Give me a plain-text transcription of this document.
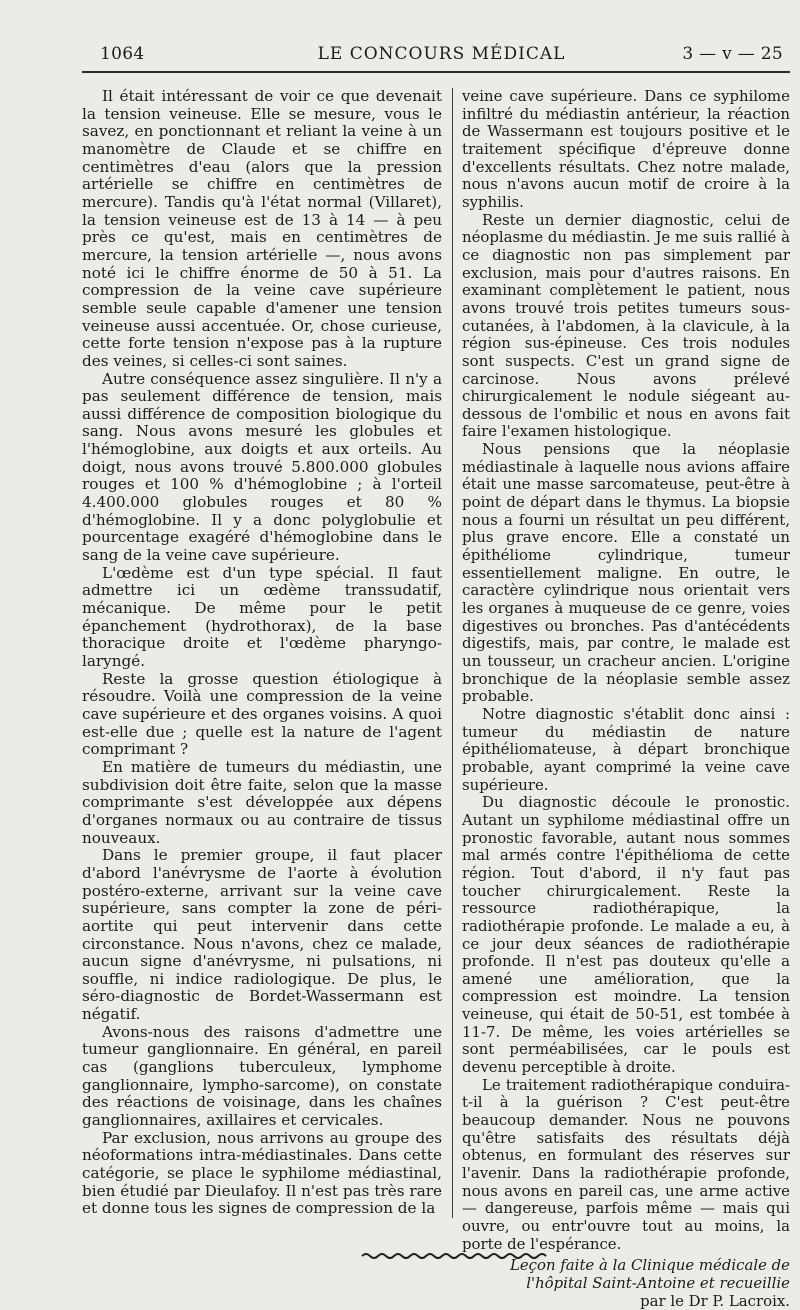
1064	LE CONCOURS MÉDICAL	3 — v — 25

Il était intéressant de voir ce que devenait la tension veineuse. Elle se mesure, vous le savez, en ponctionnant et reliant la veine à un manomètre de Claude et se chiffre en centimètres d'eau (alors que la pression artérielle se chiffre en centimètres de mercure). Tandis qu'à l'état normal (Villaret), la tension veineuse est de 13 à 14 — à peu près ce qu'est, mais en centimètres de mercure, la tension artérielle —, nous avons noté ici le chiffre énorme de 50 à 51. La compression de la veine cave supérieure semble seule capable d'amener une tension veineuse aussi accentuée. Or, chose curieuse, cette forte tension n'expose pas à la rupture des veines, si celles-ci sont saines.

Autre conséquence assez singulière. Il n'y a pas seulement différence de tension, mais aussi différence de composition biologique du sang. Nous avons mesuré les globules et l'hémoglobine, aux doigts et aux orteils. Au doigt, nous avons trouvé 5.800.000 globules rouges et 100 % d'hémoglobine ; à l'orteil 4.400.000 globules rouges et 80 % d'hémoglobine. Il y a donc polyglobulie et pourcentage exagéré d'hémoglobine dans le sang de la veine cave supérieure.

L'œdème est d'un type spécial. Il faut admettre ici un œdème transsudatif, mécanique. De même pour le petit épanchement (hydrothorax), de la base thoracique droite et l'œdème pharyngo-laryngé.

Reste la grosse question étiologique à résoudre. Voilà une compression de la veine cave supérieure et des organes voisins. A quoi est-elle due ; quelle est la nature de l'agent comprimant ?

En matière de tumeurs du médiastin, une subdivision doit être faite, selon que la masse comprimante s'est développée aux dépens d'organes normaux ou au contraire de tissus nouveaux.

Dans le premier groupe, il faut placer d'abord l'anévrysme de l'aorte à évolution postéro-externe, arrivant sur la veine cave supérieure, sans compter la zone de péri-aortite qui peut intervenir dans cette circonstance. Nous n'avons, chez ce malade, aucun signe d'anévrysme, ni pulsations, ni souffle, ni indice radiologique. De plus, le séro-diagnostic de Bordet-Wassermann est négatif.

Avons-nous des raisons d'admettre une tumeur ganglionnaire. En général, en pareil cas (ganglions tuberculeux, lymphome ganglionnaire, lympho-sarcome), on constate des réactions de voisinage, dans les chaînes ganglionnaires, axillaires et cervicales.

Par exclusion, nous arrivons au groupe des néoformations intra-médiastinales. Dans cette catégorie, se place le syphilome médiastinal, bien étudié par Dieulafoy. Il n'est pas très rare et donne tous les signes de compression de la

veine cave supérieure. Dans ce syphilome infiltré du médiastin antérieur, la réaction de Wassermann est toujours positive et le traitement spécifique d'épreuve donne d'excellents résultats. Chez notre malade, nous n'avons aucun motif de croire à la syphilis.

Reste un dernier diagnostic, celui de néoplasme du médiastin. Je me suis rallié à ce diagnostic non pas simplement par exclusion, mais pour d'autres raisons. En examinant complètement le patient, nous avons trouvé trois petites tumeurs sous-cutanées, à l'abdomen, à la clavicule, à la région sus-épineuse. Ces trois nodules sont suspects. C'est un grand signe de carcinose. Nous avons prélevé chirurgicalement le nodule siégeant au-dessous de l'ombilic et nous en avons fait faire l'examen histologique.

Nous pensions que la néoplasie médiastinale à laquelle nous avions affaire était une masse sarcomateuse, peut-être à point de départ dans le thymus. La biopsie nous a fourni un résultat un peu différent, plus grave encore. Elle a constaté un épithéliome cylindrique, tumeur essentiellement maligne. En outre, le caractère cylindrique nous orientait vers les organes à muqueuse de ce genre, voies digestives ou bronches. Pas d'antécédents digestifs, mais, par contre, le malade est un tousseur, un cracheur ancien. L'origine bronchique de la néoplasie semble assez probable.

Notre diagnostic s'établit donc ainsi : tumeur du médiastin de nature épithéliomateuse, à départ bronchique probable, ayant comprimé la veine cave supérieure.

Du diagnostic découle le pronostic. Autant un syphilome médiastinal offre un pronostic favorable, autant nous sommes mal armés contre l'épithélioma de cette région. Tout d'abord, il n'y faut pas toucher chirurgicalement. Reste la ressource radiothérapique, la radiothérapie profonde. Le malade a eu, à ce jour deux séances de radiothérapie profonde. Il n'est pas douteux qu'elle a amené une amélioration, que la compression est moindre. La tension veineuse, qui était de 50-51, est tombée à 11-7. De même, les voies artérielles se sont perméabilisées, car le pouls est devenu perceptible à droite.

Le traitement radiothérapique conduira-t-il à la guérison ? C'est peut-être beaucoup demander. Nous ne pouvons qu'être satisfaits des résultats déjà obtenus, en formulant des réserves sur l'avenir. Dans la radiothérapie profonde, nous avons en pareil cas, une arme active — dangereuse, parfois même — mais qui ouvre, ou entr'ouvre tout au moins, la porte de l'espérance.

Leçon faite à la Clinique médicale de
l'hôpital Saint-Antoine et recueillie
par le Dr P. Lacroix.
